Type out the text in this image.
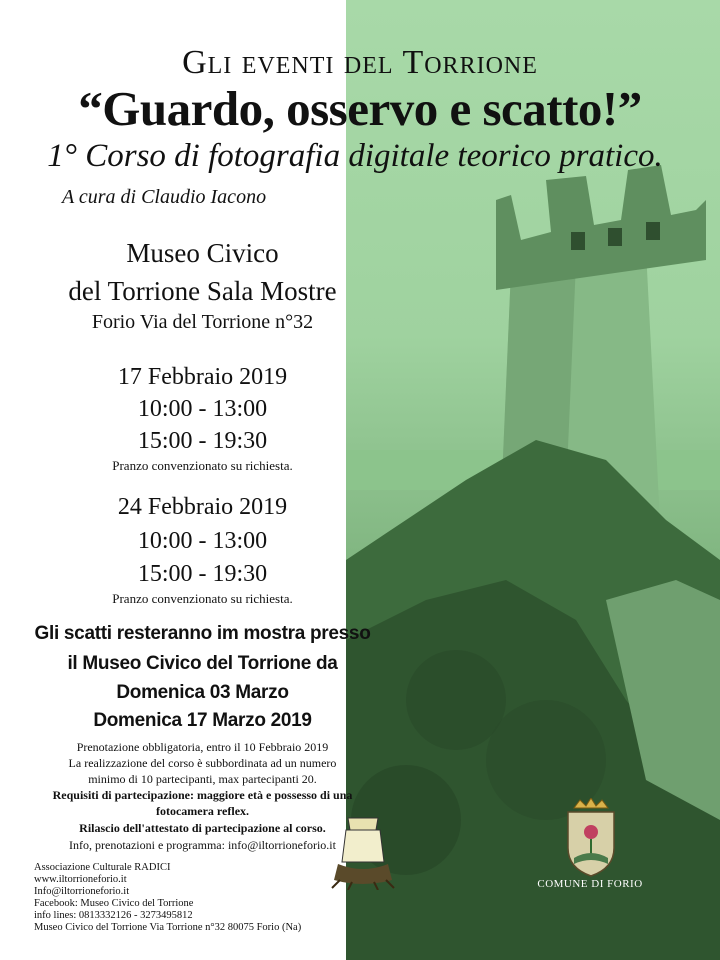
Gli eventi del Torrione
“Guardo, osservo e scatto!”
1° Corso di fotografia digitale teorico pratico.
A cura di Claudio Iacono
Museo Civico
del Torrione Sala Mostre
Forio Via del Torrione n°32
17 Febbraio 2019
10:00 - 13:00
15:00 - 19:30
Pranzo convenzionato su richiesta.
24 Febbraio 2019
10:00 - 13:00
15:00 - 19:30
Pranzo convenzionato su richiesta.
Gli scatti resteranno im mostra presso
il Museo Civico del Torrione da
Domenica 03 Marzo
Domenica 17 Marzo 2019
Prenotazione obbligatoria, entro il 10 Febbraio 2019
La realizzazione del corso è subbordinata ad un numero
minimo di 10 partecipanti, max partecipanti 20.
Requisiti di partecipazione: maggiore età e possesso di una
fotocamera reflex.
Rilascio dell'attestato di partecipazione al corso.
Info, prenotazioni e programma: info@iltorrioneforio.it
Associazione Culturale RADICI
www.iltorrioneforio.it
Info@iltorrioneforio.it
Facebook: Museo Civico del Torrione
info lines: 0813332126 - 3273495812
Museo Civico del Torrione Via Torrione n°32 80075 Forio (Na)
COMUNE DI FORIO
